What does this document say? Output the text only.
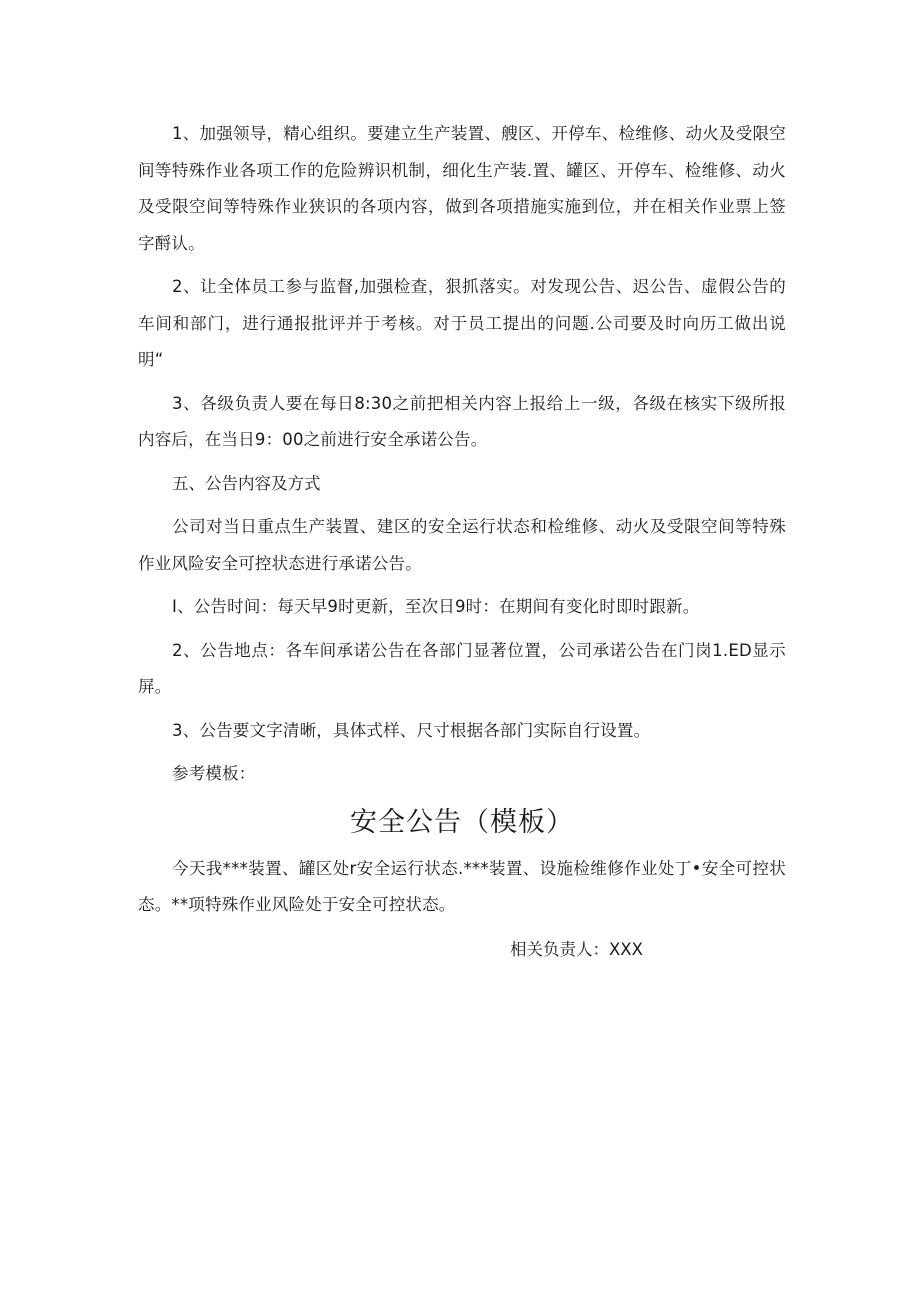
1、加强领导，精心组织。要建立生产装置、艘区、开停车、检维修、动火及受限空间等特殊作业各项工作的危险辨识机制，细化生产装.置、罐区、开停车、检维修、动火及受限空间等特殊作业狭识的各项内容，做到各项措施实施到位，并在相关作业票上签字酹认。

2、让全体员工参与监督,加强检查，狠抓落实。对发现公告、迟公告、虚假公告的车间和部门，进行通报批评并于考核。对于员工提出的问题.公司要及时向历工做出说明“

3、各级负责人要在每日8:30之前把相关内容上报给上一级，各级在核实下级所报内容后，在当日9：00之前进行安全承诺公告。

五、公告内容及方式

公司对当日重点生产装置、建区的安全运行状态和检维修、动火及受限空间等特殊作业风险安全可控状态进行承诺公告。

I、公告时间：每天早9时更新，至次日9时：在期间有变化时即时跟新。

2、公告地点：各车间承诺公告在各部门显著位置，公司承诺公告在门岗1.ED显示屏。

3、公告要文字清晰，具体式样、尺寸根据各部门实际自行设置。

参考模板：

安全公告（模板）

今天我***装置、罐区处r安全运行状态.***装置、设施检维修作业处丁•安全可控状态。**项特殊作业风险处于安全可控状态。

相关负责人：XXX
